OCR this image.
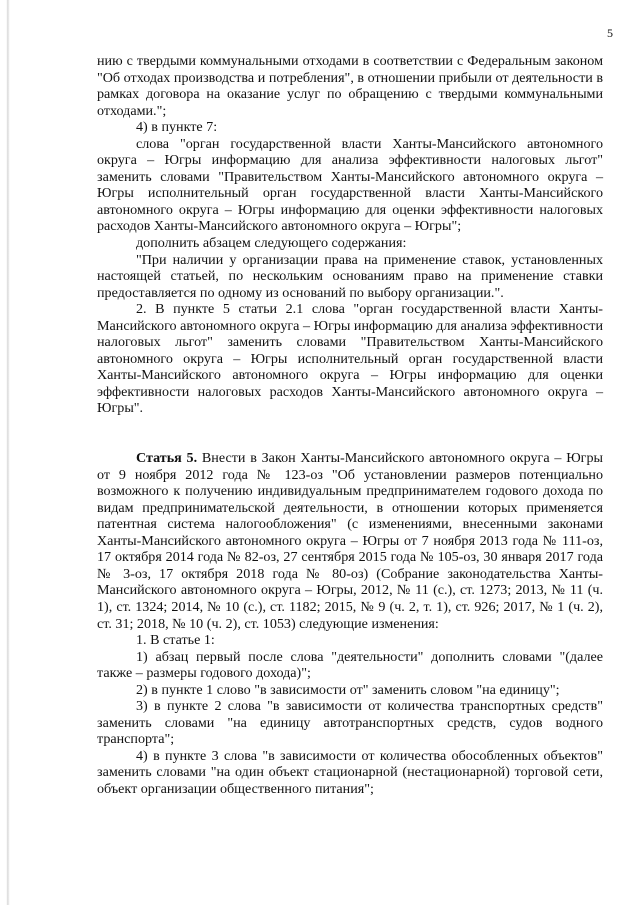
5

нию с твердыми коммунальными отходами в соответствии с Федеральным законом "Об отходах производства и потребления", в отношении прибыли от деятельности в рамках договора на оказание услуг по обращению с твердыми коммунальными отходами.";

4) в пункте 7:

слова "орган государственной власти Ханты-Мансийского автономного округа – Югры информацию для анализа эффективности налоговых льгот" заменить словами "Правительством Ханты-Мансийского автономного округа – Югры исполнительный орган государственной власти Ханты-Мансийского автономного округа – Югры информацию для оценки эффективности налоговых расходов Ханты-Мансийского автономного округа – Югры";

дополнить абзацем следующего содержания:

"При наличии у организации права на применение ставок, установленных настоящей статьей, по нескольким основаниям право на применение ставки предоставляется по одному из оснований по выбору организации.".

2. В пункте 5 статьи 2.1 слова "орган государственной власти Ханты-Мансийского автономного округа – Югры информацию для анализа эффективности налоговых льгот" заменить словами "Правительством Ханты-Мансийского автономного округа – Югры исполнительный орган государственной власти Ханты-Мансийского автономного округа – Югры информацию для оценки эффективности налоговых расходов Ханты-Мансийского автономного округа – Югры".

Статья 5. Внести в Закон Ханты-Мансийского автономного округа – Югры от 9 ноября 2012 года № 123-оз "Об установлении размеров потенциально возможного к получению индивидуальным предпринимателем годового дохода по видам предпринимательской деятельности, в отношении которых применяется патентная система налогообложения" (с изменениями, внесенными законами Ханты-Мансийского автономного округа – Югры от 7 ноября 2013 года № 111-оз, 17 октября 2014 года № 82-оз, 27 сентября 2015 года № 105-оз, 30 января 2017 года № 3-оз, 17 октября 2018 года № 80-оз) (Собрание законодательства Ханты-Мансийского автономного округа – Югры, 2012, № 11 (с.), ст. 1273; 2013, № 11 (ч. 1), ст. 1324; 2014, № 10 (с.), ст. 1182; 2015, № 9 (ч. 2, т. 1), ст. 926; 2017, № 1 (ч. 2), ст. 31; 2018, № 10 (ч. 2), ст. 1053) следующие изменения:

1. В статье 1:

1) абзац первый после слова "деятельности" дополнить словами "(далее также – размеры годового дохода)";

2) в пункте 1 слово "в зависимости от" заменить словом "на единицу";

3) в пункте 2 слова "в зависимости от количества транспортных средств" заменить словами "на единицу автотранспортных средств, судов водного транспорта";

4) в пункте 3 слова "в зависимости от количества обособленных объектов" заменить словами "на один объект стационарной (нестационарной) торговой сети, объект организации общественного питания";
